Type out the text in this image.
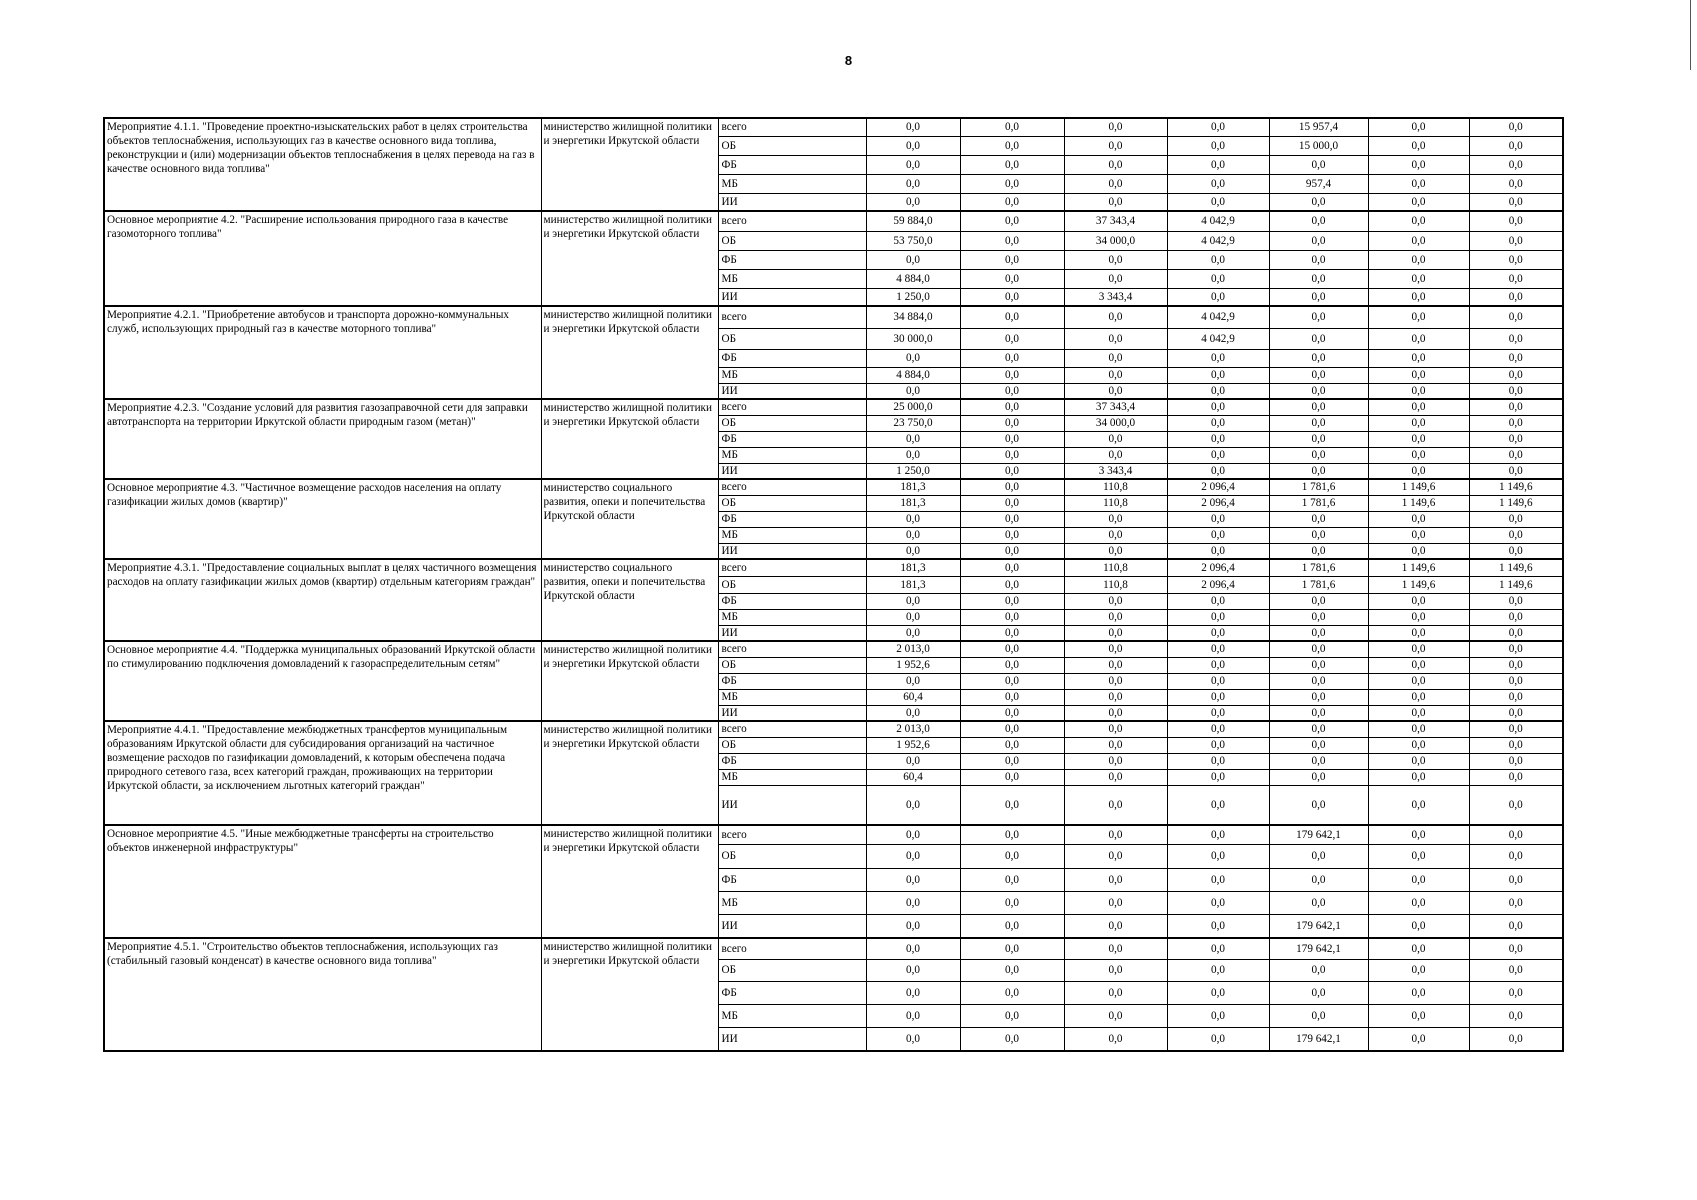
8
Мероприятие 4.1.1. "Проведение проектно-изыскательских работ в целях строительства объектов теплоснабжения, использующих газ в качестве основного вида топлива, реконструкции и (или) модернизации объектов теплоснабжения в целях перевода на газ в качестве основного вида топлива"	министерство жилищной политики и энергетики Иркутской области	всего	0,0	0,0	0,0	0,0	15 957,4	0,0	0,0
		ОБ	0,0	0,0	0,0	0,0	15 000,0	0,0	0,0
		ФБ	0,0	0,0	0,0	0,0	0,0	0,0	0,0
		МБ	0,0	0,0	0,0	0,0	957,4	0,0	0,0
		ИИ	0,0	0,0	0,0	0,0	0,0	0,0	0,0
Основное мероприятие 4.2. "Расширение использования природного газа в качестве газомоторного топлива"	министерство жилищной политики и энергетики Иркутской области	всего	59 884,0	0,0	37 343,4	4 042,9	0,0	0,0	0,0
		ОБ	53 750,0	0,0	34 000,0	4 042,9	0,0	0,0	0,0
		ФБ	0,0	0,0	0,0	0,0	0,0	0,0	0,0
		МБ	4 884,0	0,0	0,0	0,0	0,0	0,0	0,0
		ИИ	1 250,0	0,0	3 343,4	0,0	0,0	0,0	0,0
Мероприятие 4.2.1. "Приобретение автобусов и транспорта дорожно-коммунальных служб, использующих природный газ в качестве моторного топлива"	министерство жилищной политики и энергетики Иркутской области	всего	34 884,0	0,0	0,0	4 042,9	0,0	0,0	0,0
		ОБ	30 000,0	0,0	0,0	4 042,9	0,0	0,0	0,0
		ФБ	0,0	0,0	0,0	0,0	0,0	0,0	0,0
		МБ	4 884,0	0,0	0,0	0,0	0,0	0,0	0,0
		ИИ	0,0	0,0	0,0	0,0	0,0	0,0	0,0
Мероприятие 4.2.3. "Создание условий для развития газозаправочной сети для заправки автотранспорта на территории Иркутской области природным газом (метан)"	министерство жилищной политики и энергетики Иркутской области	всего	25 000,0	0,0	37 343,4	0,0	0,0	0,0	0,0
		ОБ	23 750,0	0,0	34 000,0	0,0	0,0	0,0	0,0
		ФБ	0,0	0,0	0,0	0,0	0,0	0,0	0,0
		МБ	0,0	0,0	0,0	0,0	0,0	0,0	0,0
		ИИ	1 250,0	0,0	3 343,4	0,0	0,0	0,0	0,0
Основное мероприятие 4.3. "Частичное возмещение расходов населения на оплату газификации жилых домов (квартир)"	министерство социального развития, опеки и попечительства Иркутской области	всего	181,3	0,0	110,8	2 096,4	1 781,6	1 149,6	1 149,6
		ОБ	181,3	0,0	110,8	2 096,4	1 781,6	1 149,6	1 149,6
		ФБ	0,0	0,0	0,0	0,0	0,0	0,0	0,0
		МБ	0,0	0,0	0,0	0,0	0,0	0,0	0,0
		ИИ	0,0	0,0	0,0	0,0	0,0	0,0	0,0
Мероприятие 4.3.1. "Предоставление социальных выплат в целях частичного возмещения расходов на оплату газификации жилых домов (квартир) отдельным категориям граждан"	министерство социального развития, опеки и попечительства Иркутской области	всего	181,3	0,0	110,8	2 096,4	1 781,6	1 149,6	1 149,6
		ОБ	181,3	0,0	110,8	2 096,4	1 781,6	1 149,6	1 149,6
		ФБ	0,0	0,0	0,0	0,0	0,0	0,0	0,0
		МБ	0,0	0,0	0,0	0,0	0,0	0,0	0,0
		ИИ	0,0	0,0	0,0	0,0	0,0	0,0	0,0
Основное мероприятие 4.4. "Поддержка муниципальных образований Иркутской области по стимулированию подключения домовладений к газораспределительным сетям"	министерство жилищной политики и энергетики Иркутской области	всего	2 013,0	0,0	0,0	0,0	0,0	0,0	0,0
		ОБ	1 952,6	0,0	0,0	0,0	0,0	0,0	0,0
		ФБ	0,0	0,0	0,0	0,0	0,0	0,0	0,0
		МБ	60,4	0,0	0,0	0,0	0,0	0,0	0,0
		ИИ	0,0	0,0	0,0	0,0	0,0	0,0	0,0
Мероприятие 4.4.1. "Предоставление межбюджетных трансфертов муниципальным образованиям Иркутской области для субсидирования организаций на частичное возмещение расходов по газификации домовладений, к которым обеспечена подача природного сетевого газа, всех категорий граждан, проживающих на территории Иркутской области, за исключением льготных категорий граждан"	министерство жилищной политики и энергетики Иркутской области	всего	2 013,0	0,0	0,0	0,0	0,0	0,0	0,0
		ОБ	1 952,6	0,0	0,0	0,0	0,0	0,0	0,0
		ФБ	0,0	0,0	0,0	0,0	0,0	0,0	0,0
		МБ	60,4	0,0	0,0	0,0	0,0	0,0	0,0
		ИИ	0,0	0,0	0,0	0,0	0,0	0,0	0,0
Основное мероприятие 4.5. "Иные межбюджетные трансферты на строительство объектов инженерной инфраструктуры"	министерство жилищной политики и энергетики Иркутской области	всего	0,0	0,0	0,0	0,0	179 642,1	0,0	0,0
		ОБ	0,0	0,0	0,0	0,0	0,0	0,0	0,0
		ФБ	0,0	0,0	0,0	0,0	0,0	0,0	0,0
		МБ	0,0	0,0	0,0	0,0	0,0	0,0	0,0
		ИИ	0,0	0,0	0,0	0,0	179 642,1	0,0	0,0
Мероприятие 4.5.1. "Строительство объектов теплоснабжения, использующих газ (стабильный газовый конденсат) в качестве основного вида топлива"	министерство жилищной политики и энергетики Иркутской области	всего	0,0	0,0	0,0	0,0	179 642,1	0,0	0,0
		ОБ	0,0	0,0	0,0	0,0	0,0	0,0	0,0
		ФБ	0,0	0,0	0,0	0,0	0,0	0,0	0,0
		МБ	0,0	0,0	0,0	0,0	0,0	0,0	0,0
		ИИ	0,0	0,0	0,0	0,0	179 642,1	0,0	0,0
